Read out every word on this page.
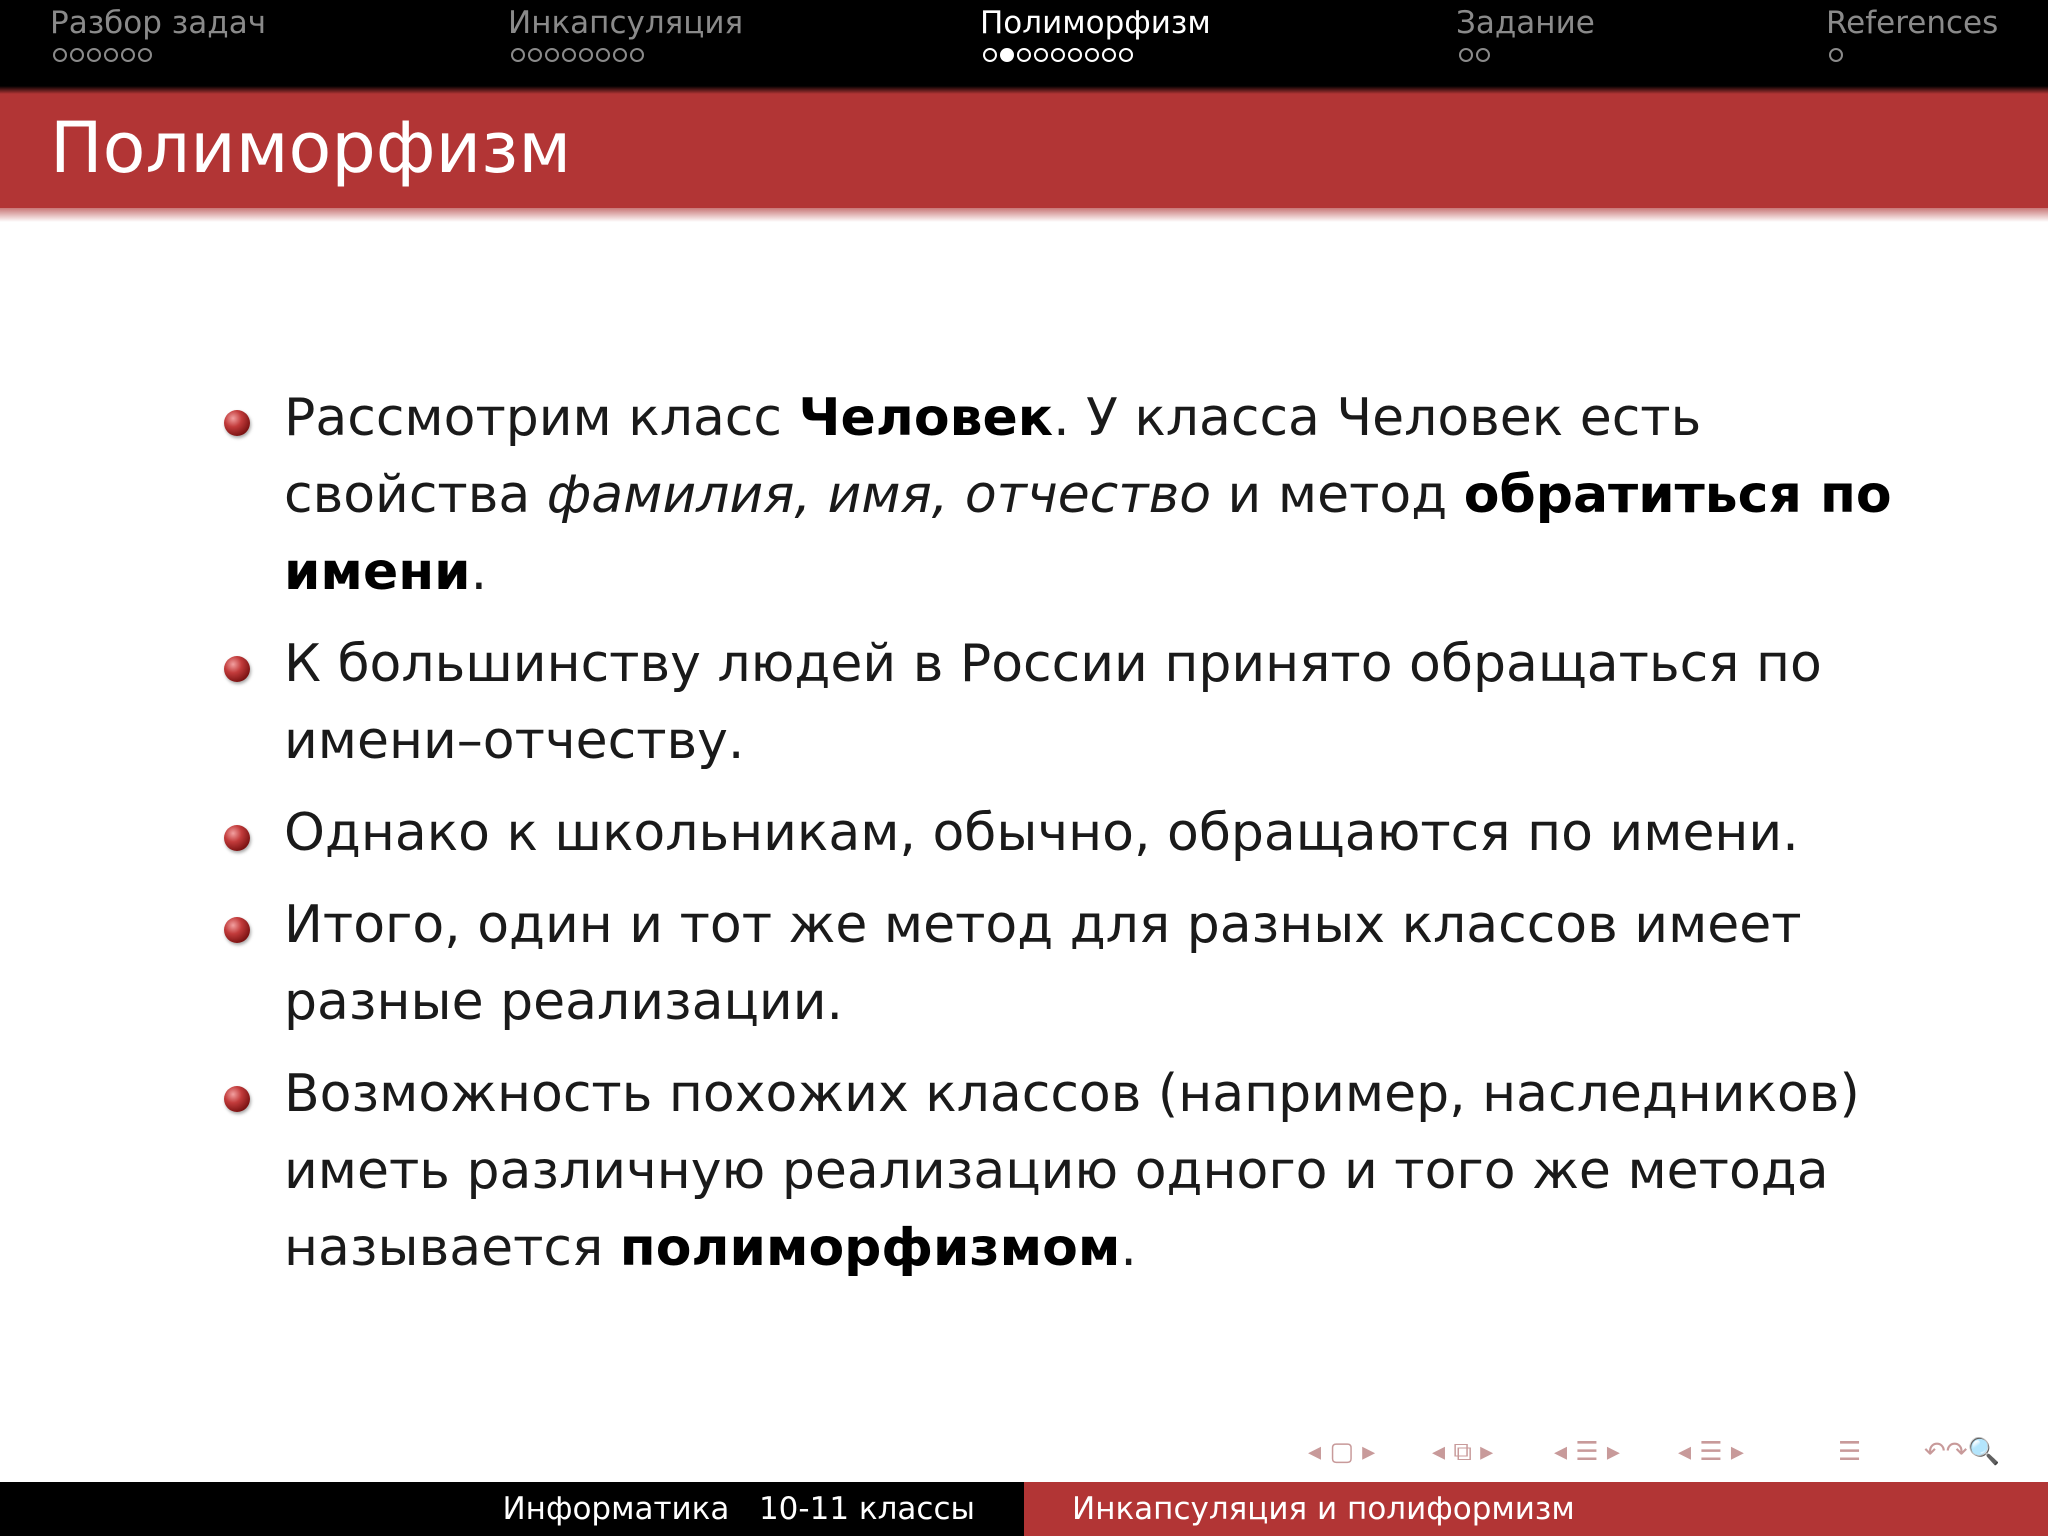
Разбор задач	Инкапсуляция	Полиморфизм	Задание	References
Полиморфизм
Рассмотрим класс Человек. У класса Человек есть свойства фамилия, имя, отчество и метод обратиться по имени.
К большинству людей в России принято обращаться по имени–отчеству.
Однако к школьникам, обычно, обращаются по имени.
Итого, один и тот же метод для разных классов имеет разные реализации.
Возможность похожих классов (например, наследников) иметь различную реализацию одного и того же метода называется полиморфизмом.
◂ ▢ ▸ ◂ ⧉ ▸ ◂ ☰ ▸ ◂ ☰ ▸	☰ ↶↷🔍
Информатика   10-11 классы	Инкапсуляция и полиформизм
